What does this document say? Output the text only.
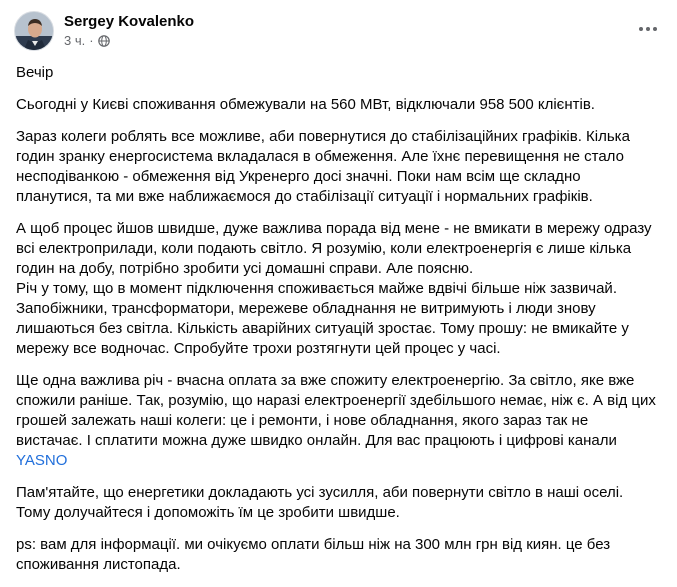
Sergey Kovalenko
3 ч. ·

Вечір

Сьогодні у Києві споживання обмежували на 560 МВт, відключали 958 500 клієнтів.

Зараз колеги роблять все можливе, аби повернутися до стабілізаційних графіків. Кілька годин зранку енергосистема вкладалася в обмеження. Але їхнє перевищення не стало несподіванкою - обмеження від Укренерго досі значні. Поки нам всім ще складно планутися, та ми вже наближаємося до стабілізації ситуації і нормальних графіків.

А щоб процес йшов швидше, дуже важлива порада від мене - не вмикати в мережу одразу всі електроприлади, коли подають світло. Я розумію, коли електроенергія є лише кілька годин на добу, потрібно зробити усі домашні справи. Але поясню.

Річ у тому, що в момент підключення споживається майже вдвічі більше ніж зазвичай. Запобіжники, трансформатори, мережеве обладнання не витримують і люди знову лишаються без світла. Кількість аварійних ситуацій зростає. Тому прошу: не вмикайте у мережу все водночас. Спробуйте трохи розтягнути цей процес у часі.

Ще одна важлива річ - вчасна оплата за вже спожиту електроенергію. За світло, яке вже спожили раніше. Так, розумію, що наразі електроенергії здебільшого немає, ніж є. А від цих грошей залежать наші колеги: це і ремонти, і нове обладнання, якого зараз так не вистачає. І сплатити можна дуже швидко онлайн. Для вас працюють і цифрові канали YASNO

Пам'ятайте, що енергетики докладають усі зусилля, аби повернути світло в наші оселі. Тому долучайтеся і допоможіть їм це зробити швидше.

ps: вам для інформації. ми очікуємо оплати більш ніж на 300 млн грн від киян. це без споживання листопада.
